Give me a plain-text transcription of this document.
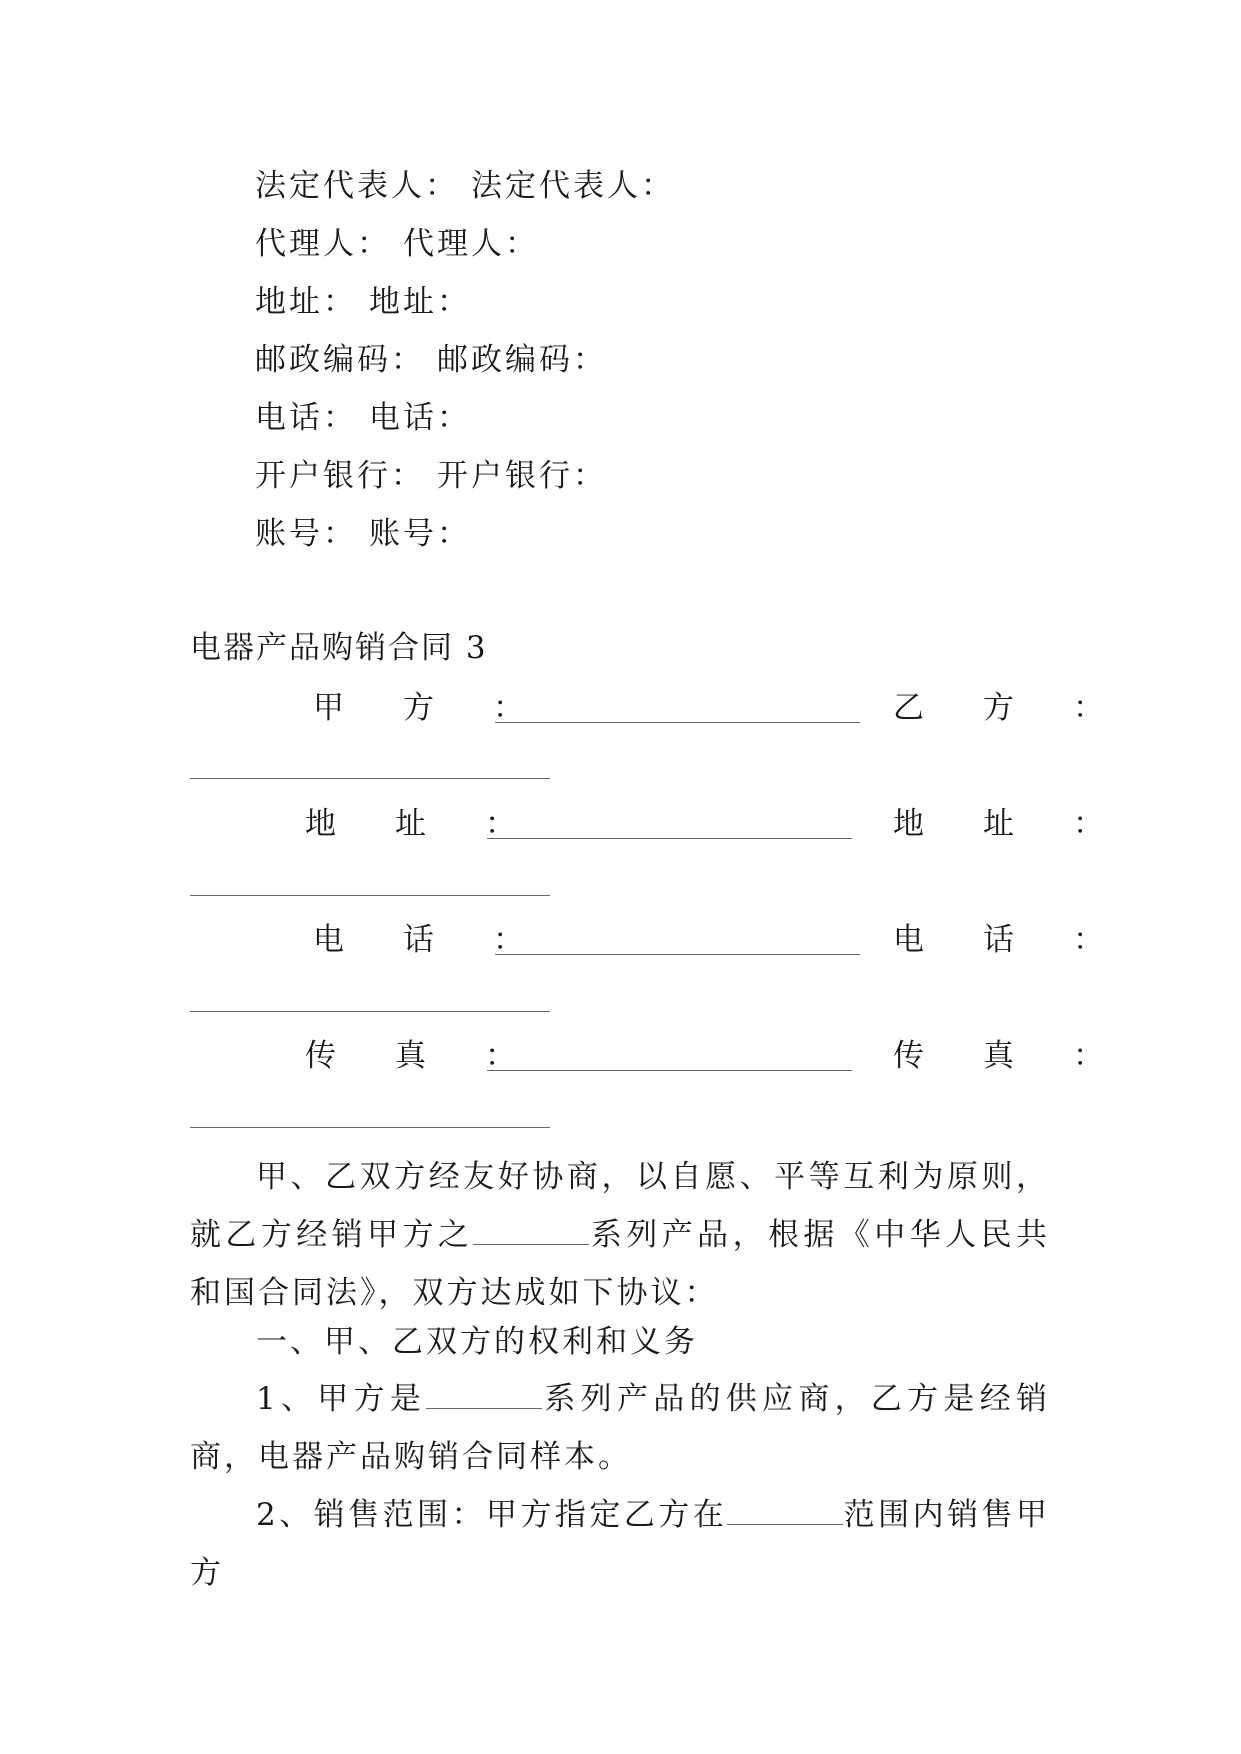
法定代表人： 法定代表人：
代理人： 代理人：
地址： 地址：
邮政编码： 邮政编码：
电话： 电话：
开户银行： 开户银行：
账号： 账号：
电器产品购销合同 3
甲　方　：	乙　方　：
地　址　：	地　址　：
电　话　：	电　话　：
传　真　：	传　真　：
甲、乙双方经友好协商，以自愿、平等互利为原则，就乙方经销甲方之	系列产品，根据《中华人民共和国合同法》，双方达成如下协议：
一、甲、乙双方的权利和义务
1、甲方是	系列产品的供应商，乙方是经销商，电器产品购销合同样本。
2、销售范围：甲方指定乙方在	范围内销售甲方
